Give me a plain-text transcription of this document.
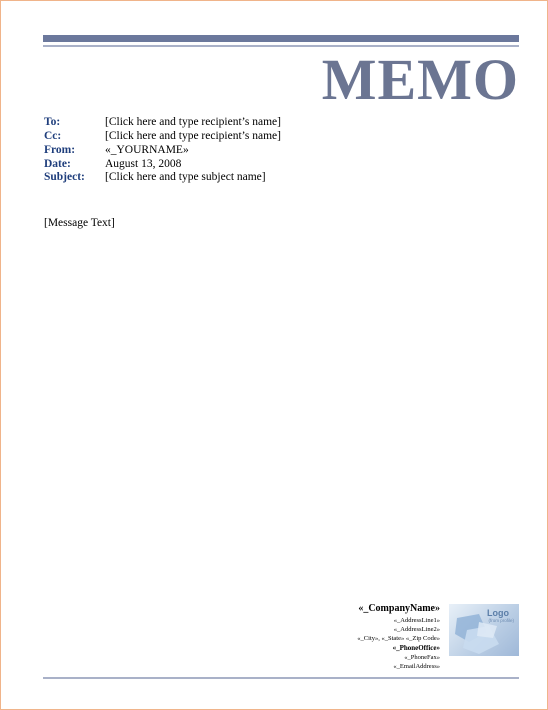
MEMO
To:	[Click here and type recipient’s name]
Cc:	[Click here and type recipient’s name]
From:	«_YOURNAME»
Date:	August 13, 2008
Subject: [Click here and type subject name]
[Message Text]
«_CompanyName»
«_AddressLine1»
«_AddressLine2»
«_City», «_State» «_Zip Code»
«_PhoneOffice»
«_PhoneFax»
«_EmailAddress»
Logo
(from profile)
